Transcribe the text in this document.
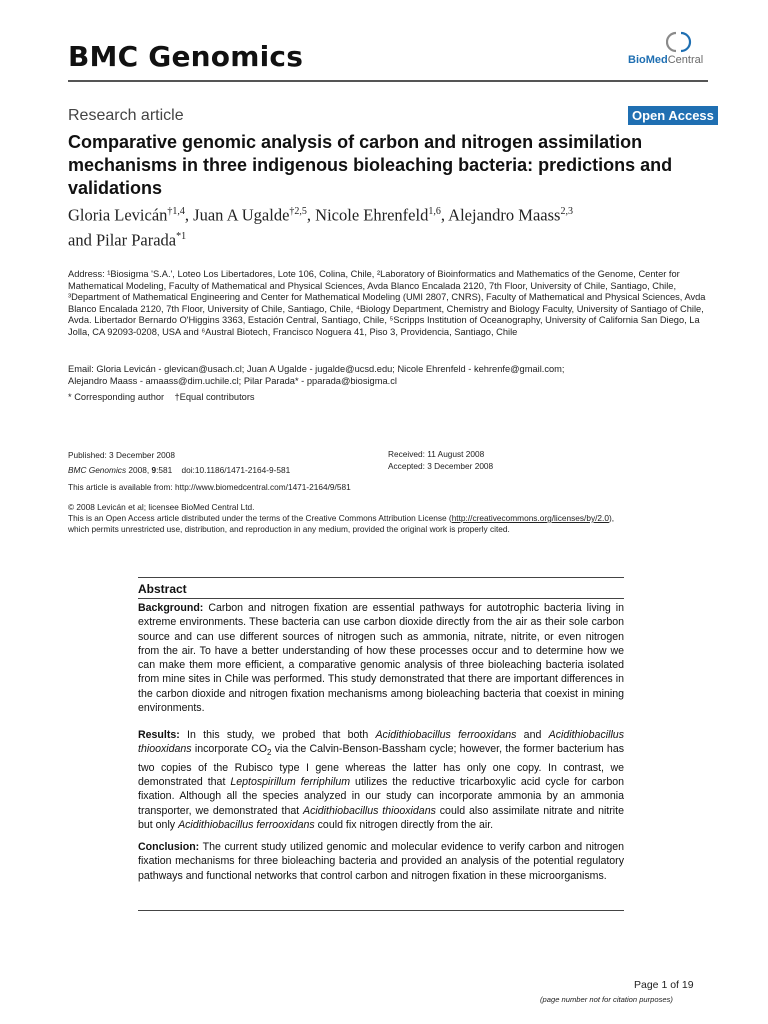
BMC Genomics	BioMedCentral
Research article	Open Access
Comparative genomic analysis of carbon and nitrogen assimilation mechanisms in three indigenous bioleaching bacteria: predictions and validations
Gloria Levicán$^{\dagger 1,4}$, Juan A Ugalde$^{\dagger 2,5}$, Nicole Ehrenfeld$^{1,6}$, Alejandro Maass$^{2,3}$
and Pilar Parada$^{*1}$
Address: ¹Biosigma 'S.A.', Loteo Los Libertadores, Lote 106, Colina, Chile, ²Laboratory of Bioinformatics and Mathematics of the Genome, Center for Mathematical Modeling, Faculty of Mathematical and Physical Sciences, Avda Blanco Encalada 2120, 7th Floor, University of Chile, Santiago, Chile, ³Department of Mathematical Engineering and Center for Mathematical Modeling (UMI 2807, CNRS), Faculty of Mathematical and Physical Sciences, Avda Blanco Encalada 2120, 7th Floor, University of Chile, Santiago, Chile, ⁴Biology Department, Chemistry and Biology Faculty, University of Santiago of Chile, Avda. Libertador Bernardo O'Higgins 3363, Estación Central, Santiago, Chile, ⁵Scripps Institution of Oceanography, University of California San Diego, La Jolla, CA 92093-0208, USA and ⁶Austral Biotech, Francisco Noguera 41, Piso 3, Providencia, Santiago, Chile
Email: Gloria Levicán - glevican@usach.cl; Juan A Ugalde - jugalde@ucsd.edu; Nicole Ehrenfeld - kehrenfe@gmail.com;
Alejandro Maass - amaass@dim.uchile.cl; Pilar Parada* - pparada@biosigma.cl
* Corresponding author    †Equal contributors
Published: 3 December 2008
BMC Genomics 2008, 9:581    doi:10.1186/1471-2164-9-581
Received: 11 August 2008
Accepted: 3 December 2008
This article is available from: http://www.biomedcentral.com/1471-2164/9/581
© 2008 Levicán et al; licensee BioMed Central Ltd.
This is an Open Access article distributed under the terms of the Creative Commons Attribution License (http://creativecommons.org/licenses/by/2.0),
which permits unrestricted use, distribution, and reproduction in any medium, provided the original work is properly cited.
Abstract
Background: Carbon and nitrogen fixation are essential pathways for autotrophic bacteria living in extreme environments. These bacteria can use carbon dioxide directly from the air as their sole carbon source and can use different sources of nitrogen such as ammonia, nitrate, nitrite, or even nitrogen from the air. To have a better understanding of how these processes occur and to determine how we can make them more efficient, a comparative genomic analysis of three bioleaching bacteria isolated from mine sites in Chile was performed. This study demonstrated that there are important differences in the carbon dioxide and nitrogen fixation mechanisms among bioleaching bacteria that coexist in mining environments.
Results: In this study, we probed that both Acidithiobacillus ferrooxidans and Acidithiobacillus thiooxidans incorporate $CO_2$ via the Calvin-Benson-Bassham cycle; however, the former bacterium has two copies of the Rubisco type I gene whereas the latter has only one copy. In contrast, we demonstrated that Leptospirillum ferriphilum utilizes the reductive tricarboxylic acid cycle for carbon fixation. Although all the species analyzed in our study can incorporate ammonia by an ammonia transporter, we demonstrated that Acidithiobacillus thiooxidans could also assimilate nitrate and nitrite but only Acidithiobacillus ferrooxidans could fix nitrogen directly from the air.
Conclusion: The current study utilized genomic and molecular evidence to verify carbon and nitrogen fixation mechanisms for three bioleaching bacteria and provided an analysis of the potential regulatory pathways and functional networks that control carbon and nitrogen fixation in these microorganisms.
Page 1 of 19
(page number not for citation purposes)
